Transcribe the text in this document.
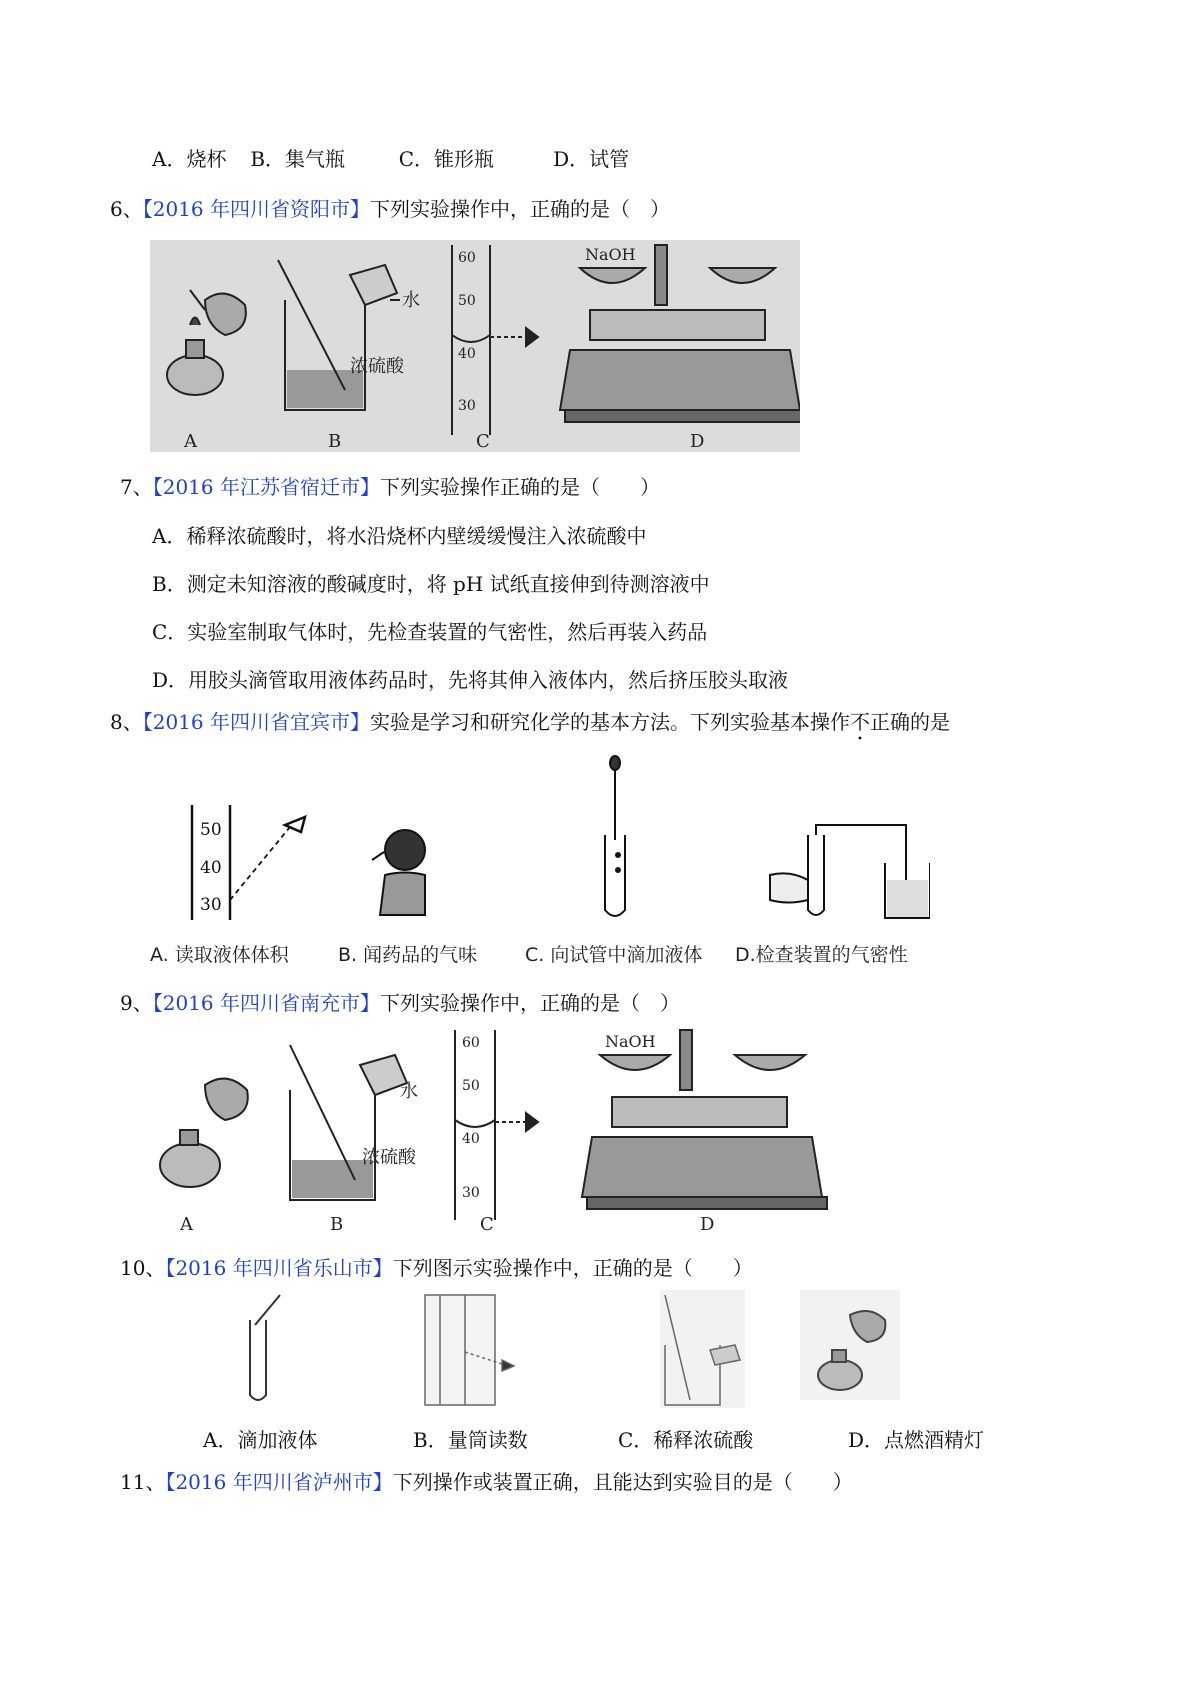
A．烧杯 B．集气瓶	C．锥形瓶	D．试管
6、【2016 年四川省资阳市】下列实验操作中，正确的是（　）
水
浓硫酸
60
50
40
30
NaOH
A	B	C	D
7、【2016 年江苏省宿迁市】下列实验操作正确的是（　　）
A．稀释浓硫酸时，将水沿烧杯内壁缓缓慢注入浓硫酸中
B．测定未知溶液的酸碱度时，将 pH 试纸直接伸到待测溶液中
C．实验室制取气体时，先检查装置的气密性，然后再装入药品
D．用胶头滴管取用液体药品时，先将其伸入液体内，然后挤压胶头取液
8、【2016 年四川省宜宾市】实验是学习和研究化学的基本方法。下列实验基本操作不正确的是
50
40
30
A. 读取液体体积	B. 闻药品的气味	C. 向试管中滴加液体 D.检查装置的气密性
9、【2016 年四川省南充市】下列实验操作中，正确的是（　）
水
浓硫酸
60
50
40
30
NaOH
A	B	C	D
10、【2016 年四川省乐山市】下列图示实验操作中，正确的是（　　）
A．滴加液体	B．量筒读数	C．稀释浓硫酸	D．点燃酒精灯
11、【2016 年四川省泸州市】下列操作或装置正确，且能达到实验目的是（　　）
